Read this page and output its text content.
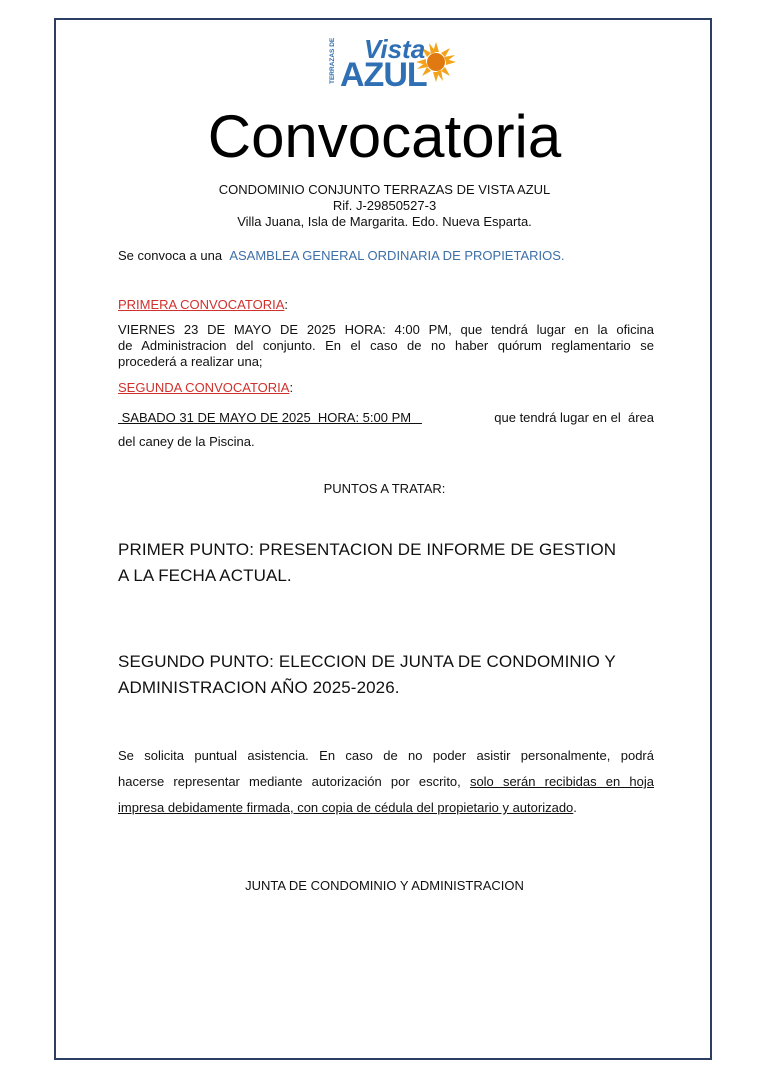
TERRAZAS DE Vista
AZUL
Convocatoria
CONDOMINIO CONJUNTO TERRAZAS DE VISTA AZUL
Rif. J-29850527-3
Villa Juana, Isla de Margarita. Edo. Nueva Esparta.
Se convoca a una ASAMBLEA GENERAL ORDINARIA DE PROPIETARIOS.
PRIMERA CONVOCATORIA:
VIERNES 23 DE MAYO DE 2025 HORA: 4:00 PM, que tendrá lugar en la oficina
de Administracion del conjunto. En el caso de no haber quórum reglamentario se
procederá a realizar una;
SEGUNDA CONVOCATORIA:
SABADO 31 DE MAYO DE 2025  HORA: 5:00 PM	que tendrá lugar en el  área
del caney de la Piscina.
PUNTOS A TRATAR:
PRIMER PUNTO: PRESENTACION DE INFORME DE GESTION
A LA FECHA ACTUAL.
SEGUNDO PUNTO: ELECCION DE JUNTA DE CONDOMINIO Y
ADMINISTRACION AÑO 2025-2026.
Se solicita puntual asistencia. En caso de no poder asistir personalmente, podrá
hacerse representar mediante autorización por escrito, solo serán recibidas en hoja
impresa debidamente firmada, con copia de cédula del propietario y autorizado.
JUNTA DE CONDOMINIO Y ADMINISTRACION
